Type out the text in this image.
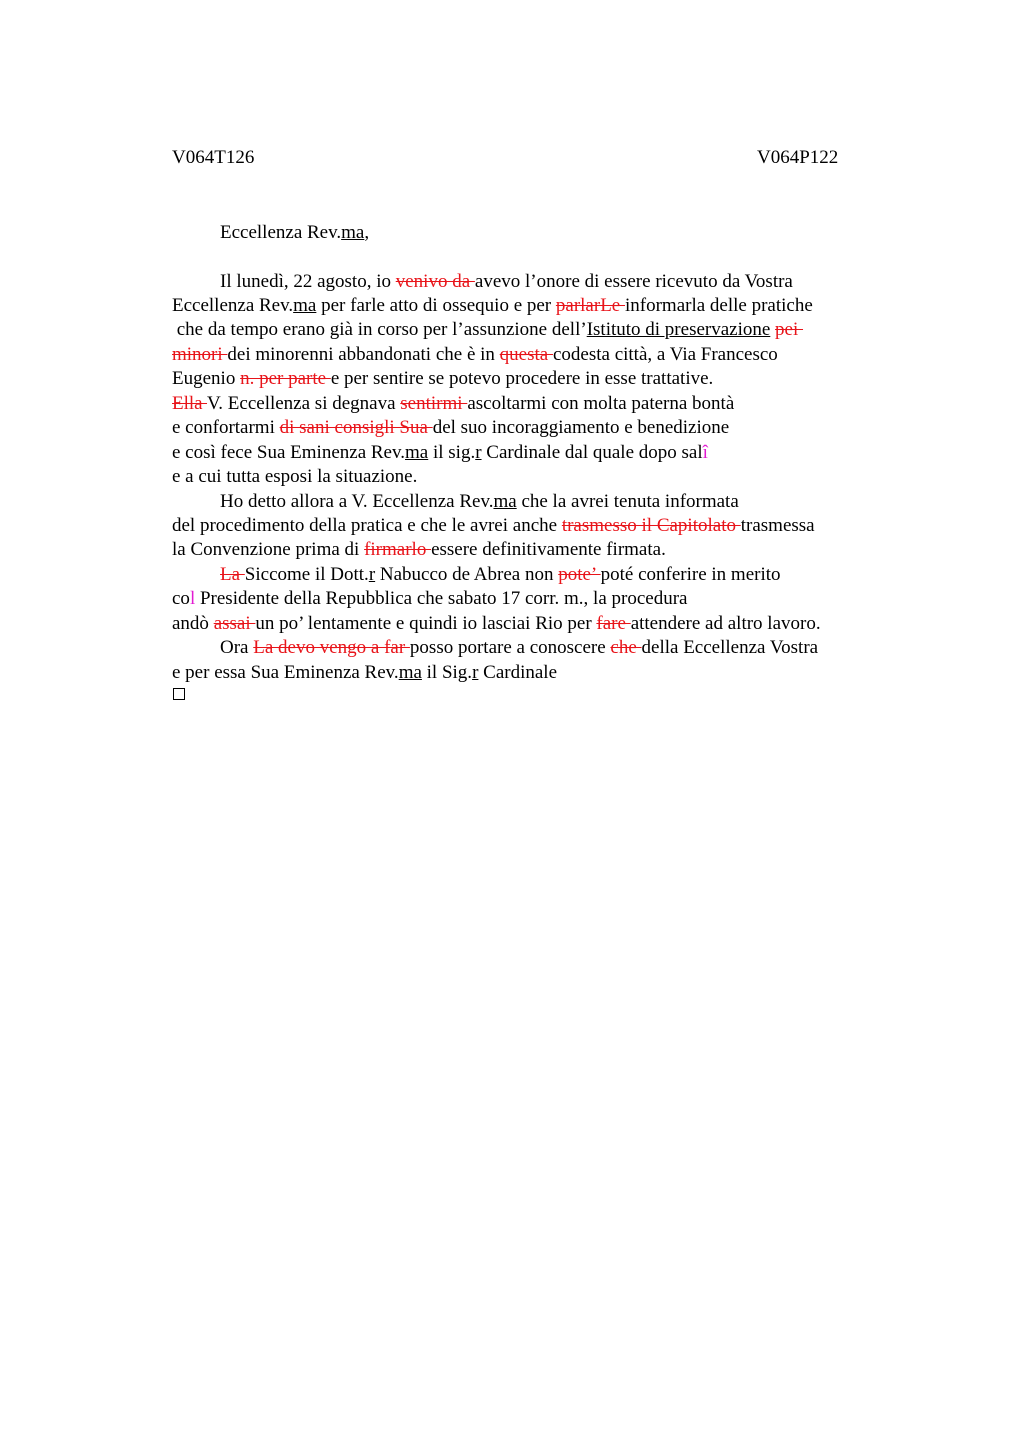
V064T126	V064P122
Eccellenza Rev.ma,
Il lunedì, 22 agosto, io venivo da avevo l’onore di essere ricevuto da Vostra
Eccellenza Rev.ma per farle atto di ossequio e per parlarLe informarla delle pratiche
che da tempo erano già in corso per l’assunzione dell’Istituto di preservazione pei
minori dei minorenni abbandonati che è in questa codesta città, a Via Francesco
Eugenio n. per parte e per sentire se potevo procedere in esse trattative.
Ella V. Eccellenza si degnava sentirmi ascoltarmi con molta paterna bontà
e confortarmi di sani consigli Sua del suo incoraggiamento e benedizione
e così fece Sua Eminenza Rev.ma il sig.r Cardinale dal quale dopo salî
e a cui tutta esposi la situazione.
Ho detto allora a V. Eccellenza Rev.ma che la avrei tenuta informata
del procedimento della pratica e che le avrei anche trasmesso il Capitolato trasmessa
la Convenzione prima di firmarlo essere definitivamente firmata.
La Siccome il Dott.r Nabucco de Abrea non pote’ poté conferire in merito
col Presidente della Repubblica che sabato 17 corr. m., la procedura
andò assai un po’ lentamente e quindi io lasciai Rio per fare attendere ad altro lavoro.
Ora La devo vengo a far posso portare a conoscere che della Eccellenza Vostra
e per essa Sua Eminenza Rev.ma il Sig.r Cardinale
